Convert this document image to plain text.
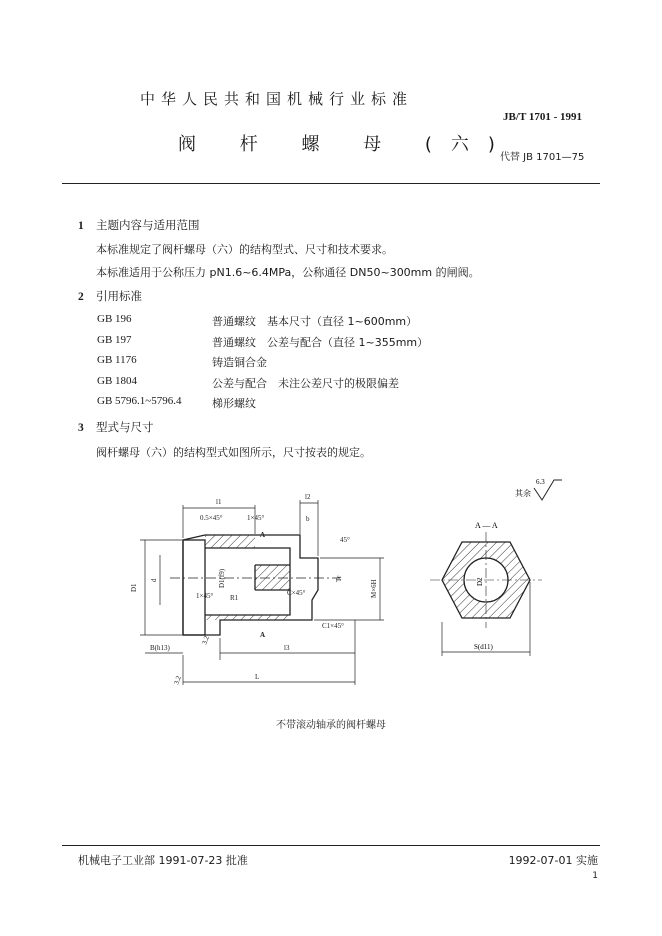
中华人民共和国机械行业标准
JB/T 1701 - 1991
阀 杆 螺 母 (六)
代替 JB 1701—75
1 主题内容与适用范围
本标准规定了阀杆螺母（六）的结构型式、尺寸和技术要求。
本标准适用于公称压力 pN1.6~6.4MPa，公称通径 DN50~300mm 的闸阀。
2 引用标准
GB 196	普通螺纹　基本尺寸（直径 1~600mm）
GB 197	普通螺纹　公差与配合（直径 1~355mm）
GB 1176	铸造铜合金
GB 1804	公差与配合　未注公差尺寸的极限偏差
GB 5796.1~5796.4	梯形螺纹
3 型式与尺寸
阀杆螺母（六）的结构型式如图所示，尺寸按表的规定。
其余
6.3
l1
l2
b
0.5×45°	1×45°
45°
D1
d	D1(f9)
1×45° R1
C×45°
C1×45°
Tr
M×6H
l3
B(h13)
L
A
A
3.2
3.2
A — A
D2
S(d11)
不带滚动轴承的阀杆螺母
机械电子工业部 1991-07-23 批准	1992-07-01 实施
1
